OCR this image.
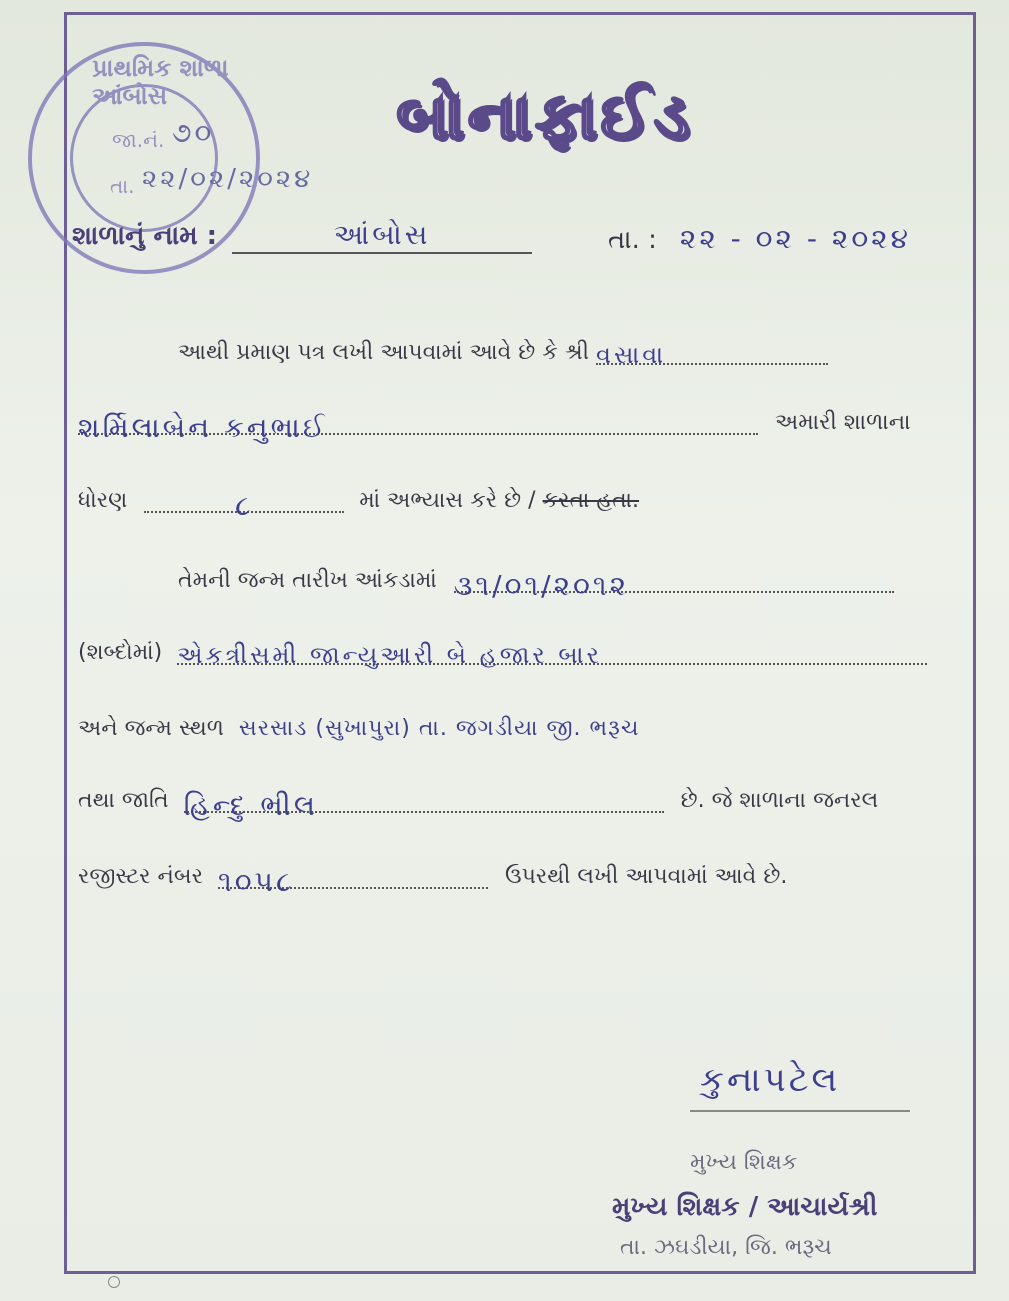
પ્રાથમિક શાળા આંબોસ
જા.નં. ૭૦
તા. ૨૨/૦૨/૨૦૨૪
બોનાફાઈડ
શાળાનું નામ :	આંબોસ	તા. : ૨૨ - ૦૨ - ૨૦૨૪
આથી પ્રમાણ પત્ર લખી આપવામાં આવે છે કે શ્રી વસાવા
શર્મિલાબેન કનુભાઈ	અમારી શાળાના
ધોરણ	૮	માં અભ્યાસ કરે છે / કરતા હતા.
તેમની જન્મ તારીખ આંકડામાં ૩૧/૦૧/૨૦૧૨
(શબ્દોમાં) એકત્રીસમી જાન્યુઆરી બે હજાર બાર
અને જન્મ સ્થળ સરસાડ (સુખાપુરા) તા. જગડીયા જી. ભરૂચ
તથા જાતિ હિન્દુ ભીલ	છે. જે શાળાના જનરલ
રજીસ્ટર નંબર ૧૦૫૮	ઉપરથી લખી આપવામાં આવે છે.
કુનાપટેલ
મુખ્ય શિક્ષક
મુખ્ય શિક્ષક / આચાર્યશ્રી
તા. ઝઘડીયા, જિ. ભરૂચ
